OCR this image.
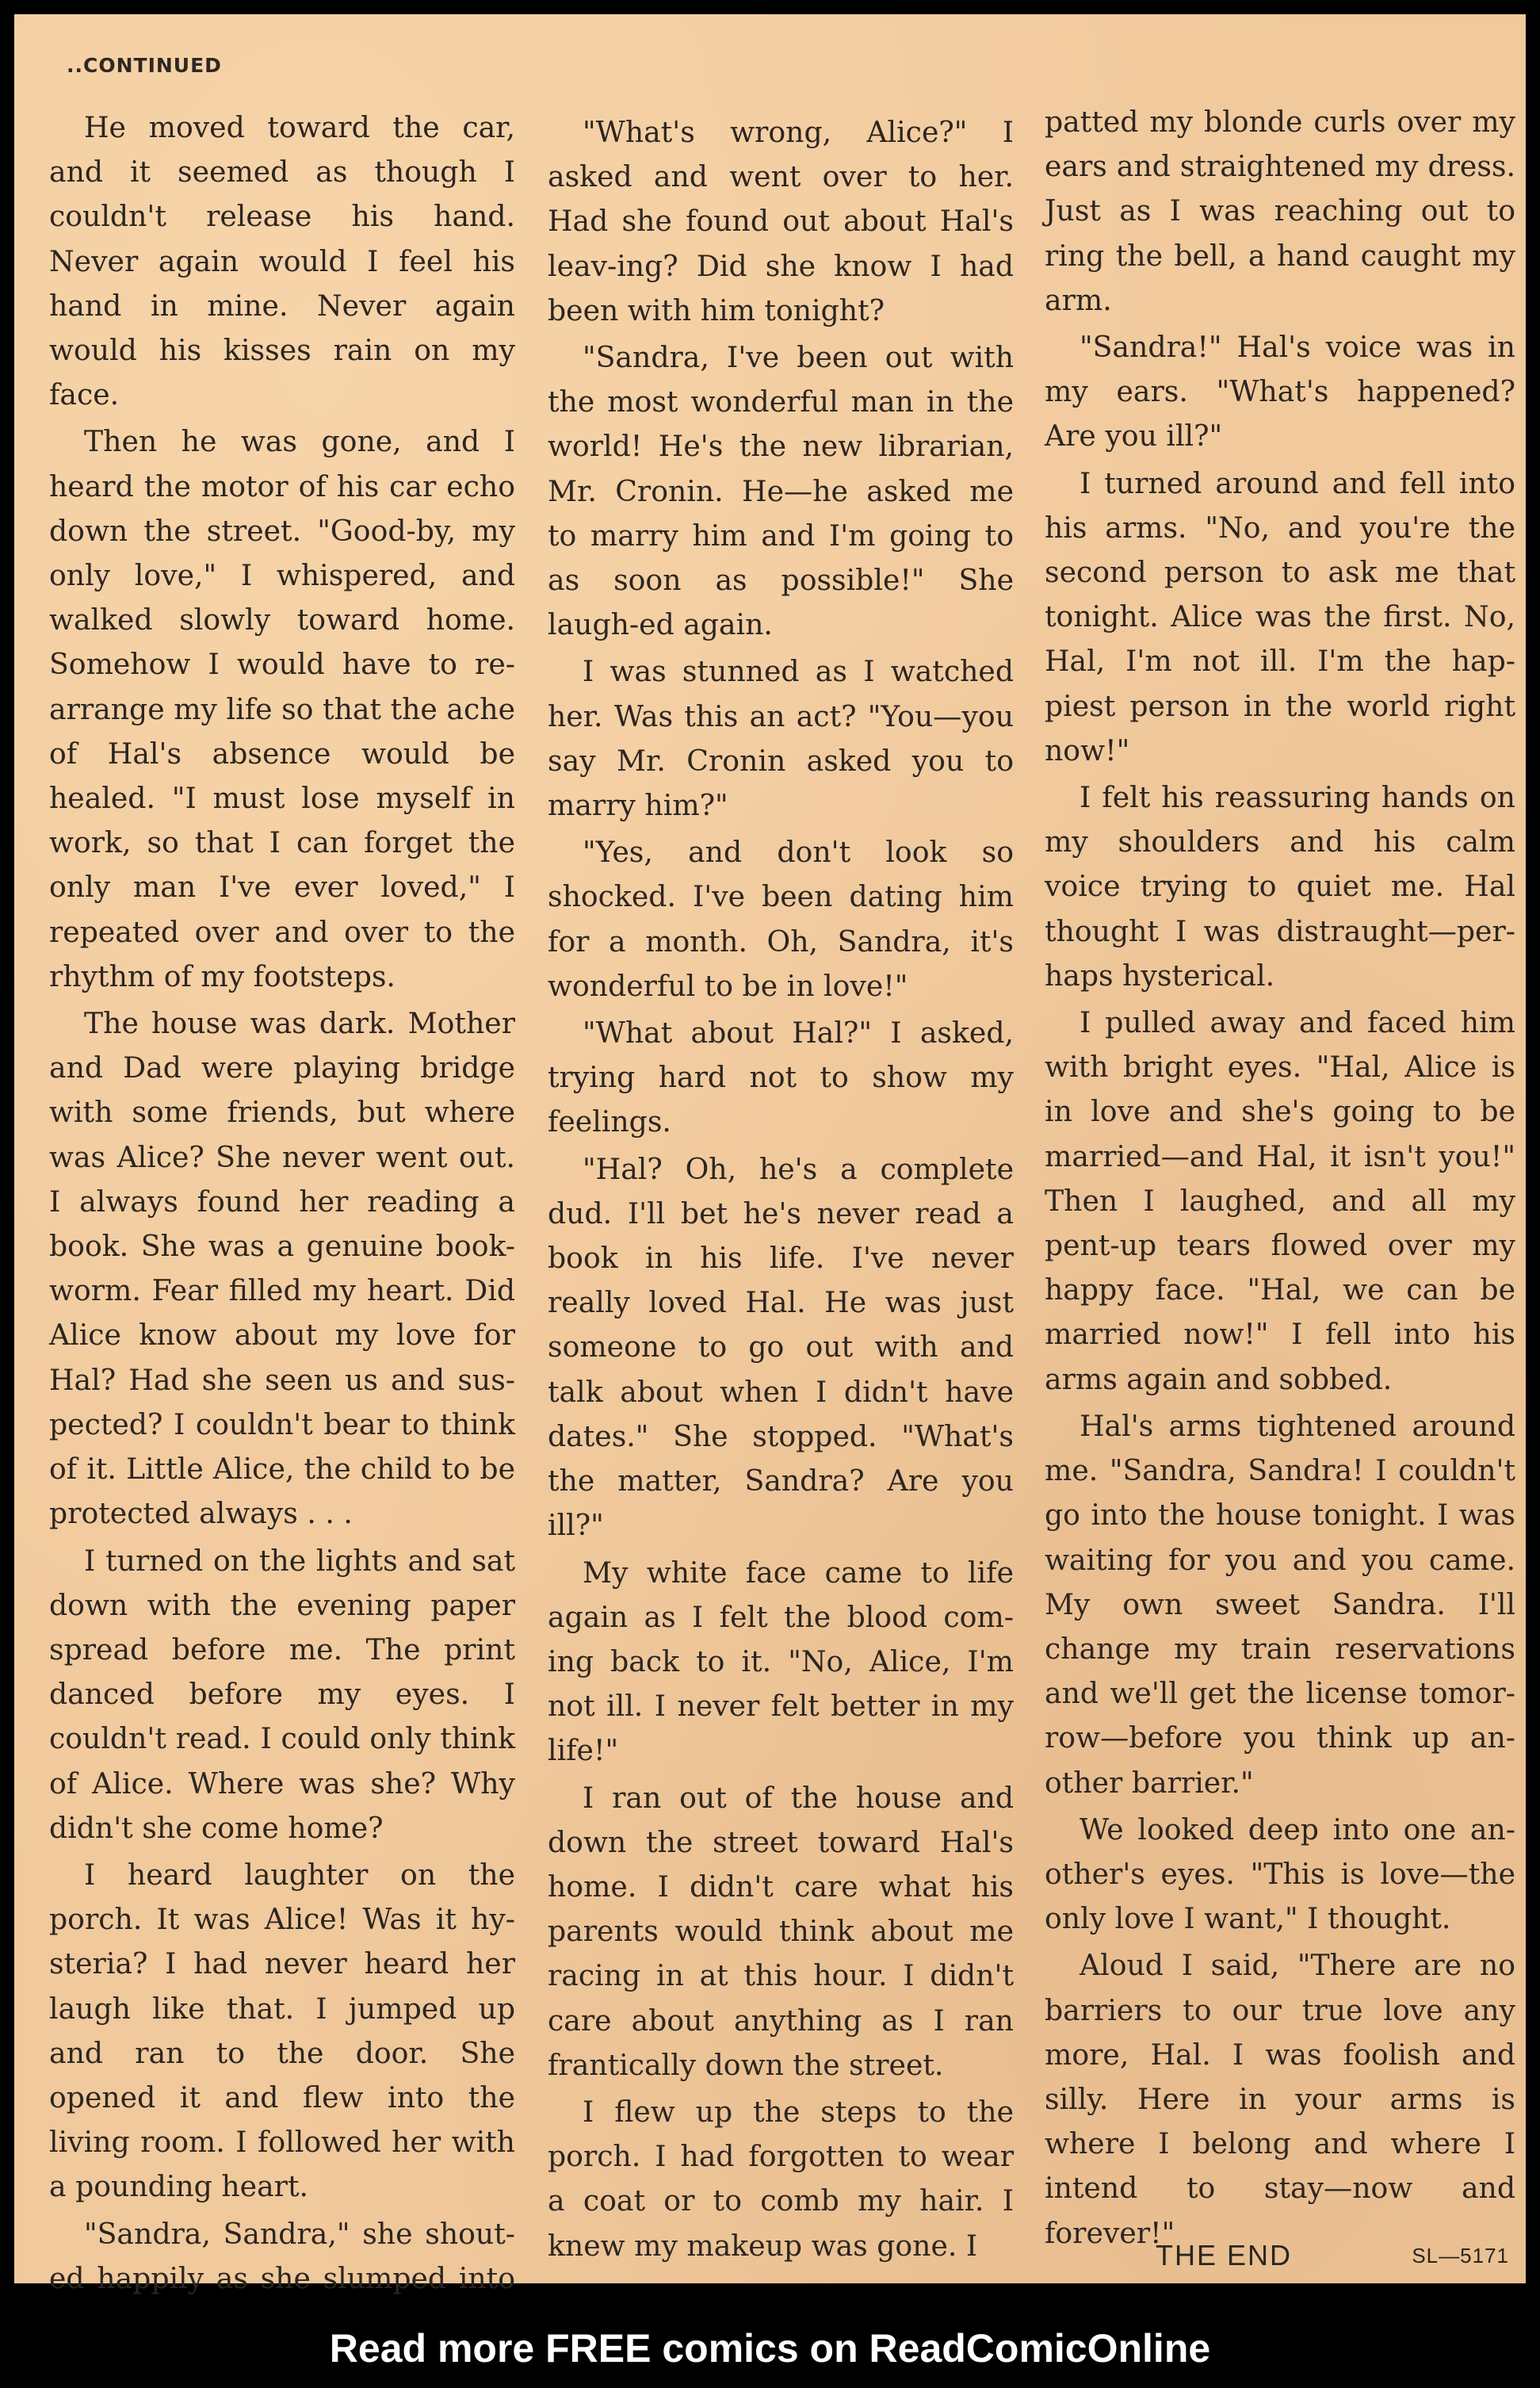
..CONTINUED

He moved toward the car, and it seemed as though I couldn't release his hand. Never again would I feel his hand in mine. Never again would his kisses rain on my face.

Then he was gone, and I heard the motor of his car echo down the street. "Good-by, my only love," I whispered, and walked slowly toward home. Somehow I would have to re-arrange my life so that the ache of Hal's absence would be healed. "I must lose myself in work, so that I can forget the only man I've ever loved," I repeated over and over to the rhythm of my footsteps.

The house was dark. Mother and Dad were playing bridge with some friends, but where was Alice? She never went out. I always found her reading a book. She was a genuine book-worm. Fear filled my heart. Did Alice know about my love for Hal? Had she seen us and sus-pected? I couldn't bear to think of it. Little Alice, the child to be protected always . . .

I turned on the lights and sat down with the evening paper spread before me. The print danced before my eyes. I couldn't read. I could only think of Alice. Where was she? Why didn't she come home?

I heard laughter on the porch. It was Alice! Was it hy-steria? I had never heard her laugh like that. I jumped up and ran to the door. She opened it and flew into the living room. I followed her with a pounding heart.

"Sandra, Sandra," she shout-ed happily as she slumped into

"What's wrong, Alice?" I asked and went over to her. Had she found out about Hal's leav-ing? Did she know I had been with him tonight?

"Sandra, I've been out with the most wonderful man in the world! He's the new librarian, Mr. Cronin. He—he asked me to marry him and I'm going to as soon as possible!" She laugh-ed again.

I was stunned as I watched her. Was this an act? "You—you say Mr. Cronin asked you to marry him?"

"Yes, and don't look so shocked. I've been dating him for a month. Oh, Sandra, it's wonderful to be in love!"

"What about Hal?" I asked, trying hard not to show my feelings.

"Hal? Oh, he's a complete dud. I'll bet he's never read a book in his life. I've never really loved Hal. He was just someone to go out with and talk about when I didn't have dates." She stopped. "What's the matter, Sandra? Are you ill?"

My white face came to life again as I felt the blood com-ing back to it. "No, Alice, I'm not ill. I never felt better in my life!"

I ran out of the house and down the street toward Hal's home. I didn't care what his parents would think about me racing in at this hour. I didn't care about anything as I ran frantically down the street.

I flew up the steps to the porch. I had forgotten to wear a coat or to comb my hair. I knew my makeup was gone. I

patted my blonde curls over my ears and straightened my dress. Just as I was reaching out to ring the bell, a hand caught my arm.

"Sandra!" Hal's voice was in my ears. "What's happened? Are you ill?"

I turned around and fell into his arms. "No, and you're the second person to ask me that tonight. Alice was the first. No, Hal, I'm not ill. I'm the hap-piest person in the world right now!"

I felt his reassuring hands on my shoulders and his calm voice trying to quiet me. Hal thought I was distraught—per-haps hysterical.

I pulled away and faced him with bright eyes. "Hal, Alice is in love and she's going to be married—and Hal, it isn't you!" Then I laughed, and all my pent-up tears flowed over my happy face. "Hal, we can be married now!" I fell into his arms again and sobbed.

Hal's arms tightened around me. "Sandra, Sandra! I couldn't go into the house tonight. I was waiting for you and you came. My own sweet Sandra. I'll change my train reservations and we'll get the license tomor-row—before you think up an-other barrier."

We looked deep into one an-other's eyes. "This is love—the only love I want," I thought.

Aloud I said, "There are no barriers to our true love any more, Hal. I was foolish and silly. Here in your arms is where I belong and where I intend to stay—now and forever!"

THE END	SL—5171
Read more FREE comics on ReadComicOnline
